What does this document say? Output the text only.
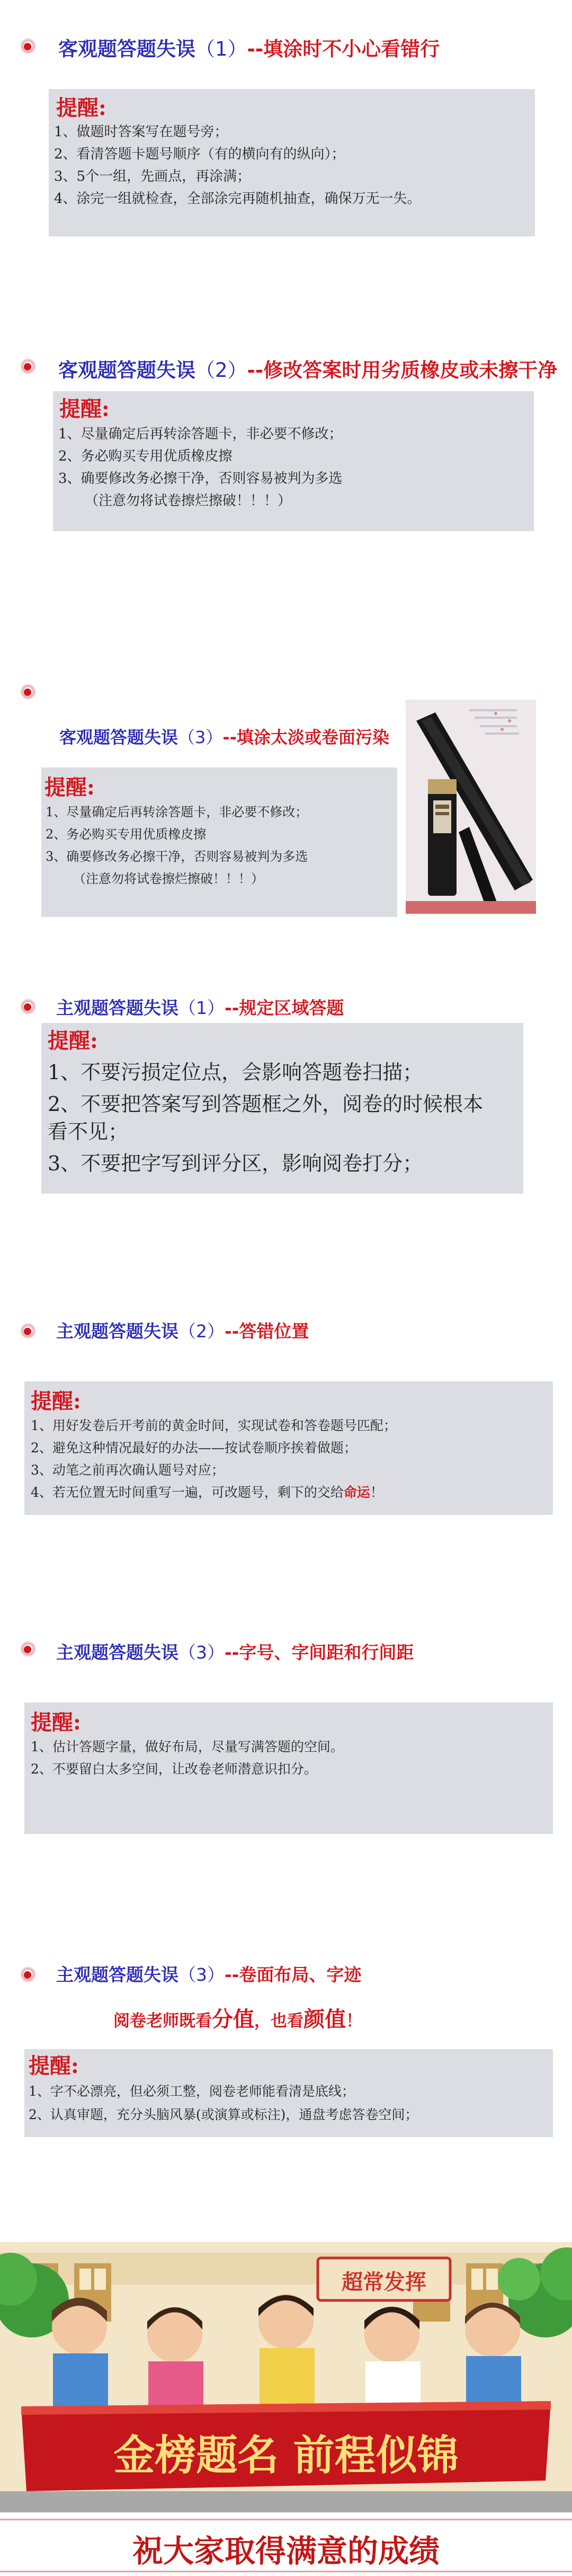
客观题答题失误（1）--填涂时不小心看错行
提醒:
1、做题时答案写在题号旁；
2、看清答题卡题号顺序（有的横向有的纵向）；
3、5个一组，先画点，再涂满；
4、涂完一组就检查，全部涂完再随机抽查，确保万无一失。
客观题答题失误（2）--修改答案时用劣质橡皮或未擦干净
提醒:
1、尽量确定后再转涂答题卡，非必要不修改；
2、务必购买专用优质橡皮擦
3、确要修改务必擦干净，否则容易被判为多选
（注意勿将试卷擦烂擦破！！！）
客观题答题失误（3）--填涂太淡或卷面污染
提醒:
1、尽量确定后再转涂答题卡，非必要不修改；
2、务必购买专用优质橡皮擦
3、确要修改务必擦干净，否则容易被判为多选
（注意勿将试卷擦烂擦破！！！）
主观题答题失误（1）--规定区域答题
提醒:
1、不要污损定位点，会影响答题卷扫描；
2、不要把答案写到答题框之外，阅卷的时候根本
看不见；
3、不要把字写到评分区，影响阅卷打分；
主观题答题失误（2）--答错位置
提醒:
1、用好发卷后开考前的黄金时间，实现试卷和答卷题号匹配；
2、避免这种情况最好的办法——按试卷顺序挨着做题；
3、动笔之前再次确认题号对应；
4、若无位置无时间重写一遍，可改题号，剩下的交给命运！
主观题答题失误（3）--字号、字间距和行间距
提醒:
1、估计答题字量，做好布局，尽量写满答题的空间。
2、不要留白太多空间，让改卷老师潜意识扣分。
主观题答题失误（3）--卷面布局、字迹
阅卷老师既看分值，也看颜值！
提醒:
1、字不必漂亮，但必须工整，阅卷老师能看清是底线；
2、认真审题，充分头脑风暴(或演算或标注)，通盘考虑答卷空间；
超常发挥
金榜题名 前程似锦
祝大家取得满意的成绩
